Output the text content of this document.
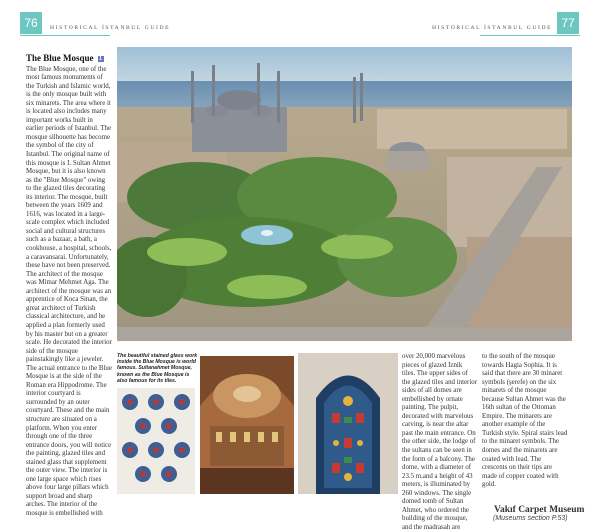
76	HISTORICAL İSTANBUL GUIDE	HISTORICAL İSTANBUL GUIDE 77
The Blue Mosque 1
The Blue Mosque, one of the most famous monuments of the Turkish and Islamic world, is the only mosque built with six minarets. The area where it is located also includes many important works built in earlier periods of Istanbul. The mosque silhouette has become the symbol of the city of Istanbul. The original name of this mosque is I. Sultan Ahmet Mosque, but it is also known as the "Blue Mosque" owing to the glazed tiles decorating its interior. The mosque, built between the years 1609 and 1616, was located in a large-scale complex which included social and cultural structures such as a bazaar, a bath, a cookhouse, a hospital, schools, a caravansarai. Unfortunately, these have not been preserved. The architect of the mosque was Mimar Mehmet Aga. The architect of the mosque was an apprentice of Koca Sinan, the great architect of Turkish classical architecture, and he applied a plan formerly used by his master but on a greater scale. He decorated the interior side of the mosque painstakingly like a jeweler. The actual entrance to the Blue Mosque is at the side of the Roman era Hippodrome. The interior courtyard is surrounded by an outer courtyard. These and the main structure are situated on a platform. When you enter through one of the three entrance doors, you will notice the painting, glazed tiles and stained glass that supplement the outer view. The interior is one large space which rises above four large pillars which support broad and sharp arches. The interior of the mosque is embellished with
The beautiful stained glass work inside the Blue Mosque is world famous. Sultanahmet Mosque, known as the Blue Mosque is also famous for its tiles.
over 20,000 marvelous pieces of glazed Iznik tiles. The upper sides of the glazed tiles and interior sides of all domes are embellished by ornate painting. The pulpit, decorated with marvelous carving, is near the altar past the main entrance. On the other side, the lodge of the sultans can be seen in the form of a balcony. The dome, with a diameter of 23.5 m.and a height of 43 meters, is illuminated by 260 windows. The single domed tomb of Sultan Ahmet, who ordered the building of the mosque, and the madrasah are
to the south of the mosque towards Hagia Sophia. It is said that there are 30 minaret symbols (şerefe) on the six minarets of the mosque because Sultan Ahmet was the 16th sultan of the Ottoman Empire. The minarets are another example of the Turkish style. Spiral stairs lead to the minaret symbols. The domes and the minarets are coated with lead. The crescents on their tips are made of copper coated with gold.
Vakıf Carpet Museum
(Museums section P.53)
